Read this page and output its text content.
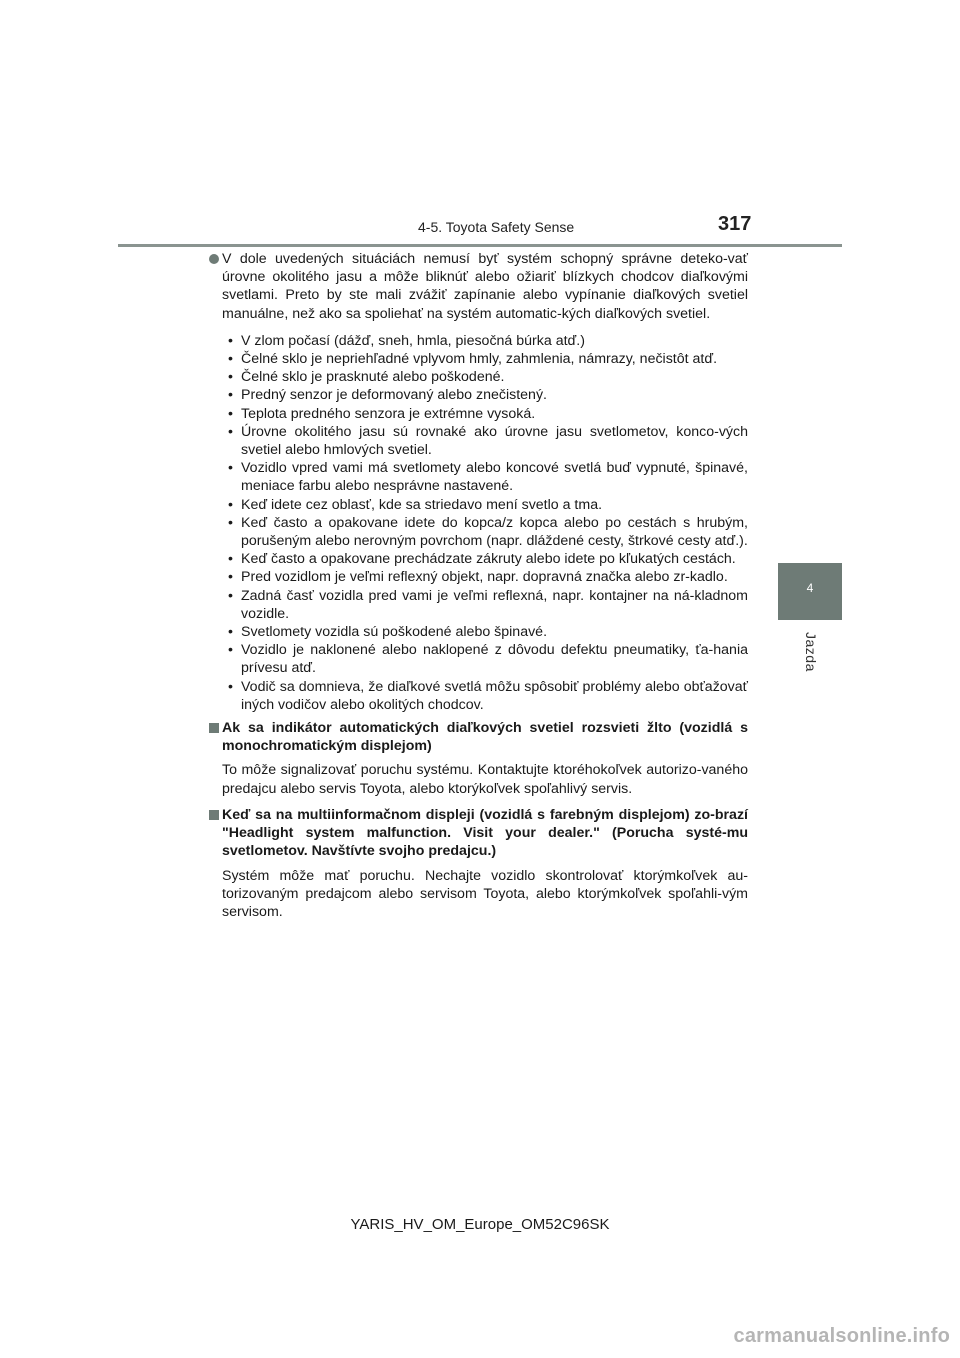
4-5. Toyota Safety Sense	317
4
Jazda

V dole uvedených situáciách nemusí byť systém schopný správne deteko-vať úrovne okolitého jasu a môže bliknúť alebo ožiariť blízkych chodcov diaľkovými svetlami. Preto by ste mali zvážiť zapínanie alebo vypínanie diaľkových svetiel manuálne, než ako sa spoliehať na systém automatic-kých diaľkových svetiel.

• V zlom počasí (dážď, sneh, hmla, piesočná búrka atď.)
• Čelné sklo je nepriehľadné vplyvom hmly, zahmlenia, námrazy, nečistôt atď.
• Čelné sklo je prasknuté alebo poškodené.
• Predný senzor je deformovaný alebo znečistený.
• Teplota predného senzora je extrémne vysoká.
• Úrovne okolitého jasu sú rovnaké ako úrovne jasu svetlometov, konco-vých svetiel alebo hmlových svetiel.
• Vozidlo vpred vami má svetlomety alebo koncové svetlá buď vypnuté, špinavé, meniace farbu alebo nesprávne nastavené.
• Keď idete cez oblasť, kde sa striedavo mení svetlo a tma.
• Keď často a opakovane idete do kopca/z kopca alebo po cestách s hrubým, porušeným alebo nerovným povrchom (napr. dláždené cesty, štrkové cesty atď.).
• Keď často a opakovane prechádzate zákruty alebo idete po kľukatých cestách.
• Pred vozidlom je veľmi reflexný objekt, napr. dopravná značka alebo zr-kadlo.
• Zadná časť vozidla pred vami je veľmi reflexná, napr. kontajner na ná-kladnom vozidle.
• Svetlomety vozidla sú poškodené alebo špinavé.
• Vozidlo je naklonené alebo naklopené z dôvodu defektu pneumatiky, ťa-hania prívesu atď.
• Vodič sa domnieva, že diaľkové svetlá môžu spôsobiť problémy alebo obťažovať iných vodičov alebo okolitých chodcov.

Ak sa indikátor automatických diaľkových svetiel rozsvieti žlto (vozidlá s monochromatickým displejom)

To môže signalizovať poruchu systému. Kontaktujte ktoréhokoľvek autorizo-vaného predajcu alebo servis Toyota, alebo ktorýkoľvek spoľahlivý servis.

Keď sa na multiinformačnom displeji (vozidlá s farebným displejom) zo-brazí "Headlight system malfunction. Visit your dealer." (Porucha systé-mu svetlometov. Navštívte svojho predajcu.)

Systém môže mať poruchu. Nechajte vozidlo skontrolovať ktorýmkoľvek au-torizovaným predajcom alebo servisom Toyota, alebo ktorýmkoľvek spoľahli-vým servisom.

YARIS_HV_OM_Europe_OM52C96SK
carmanualsonline.info
